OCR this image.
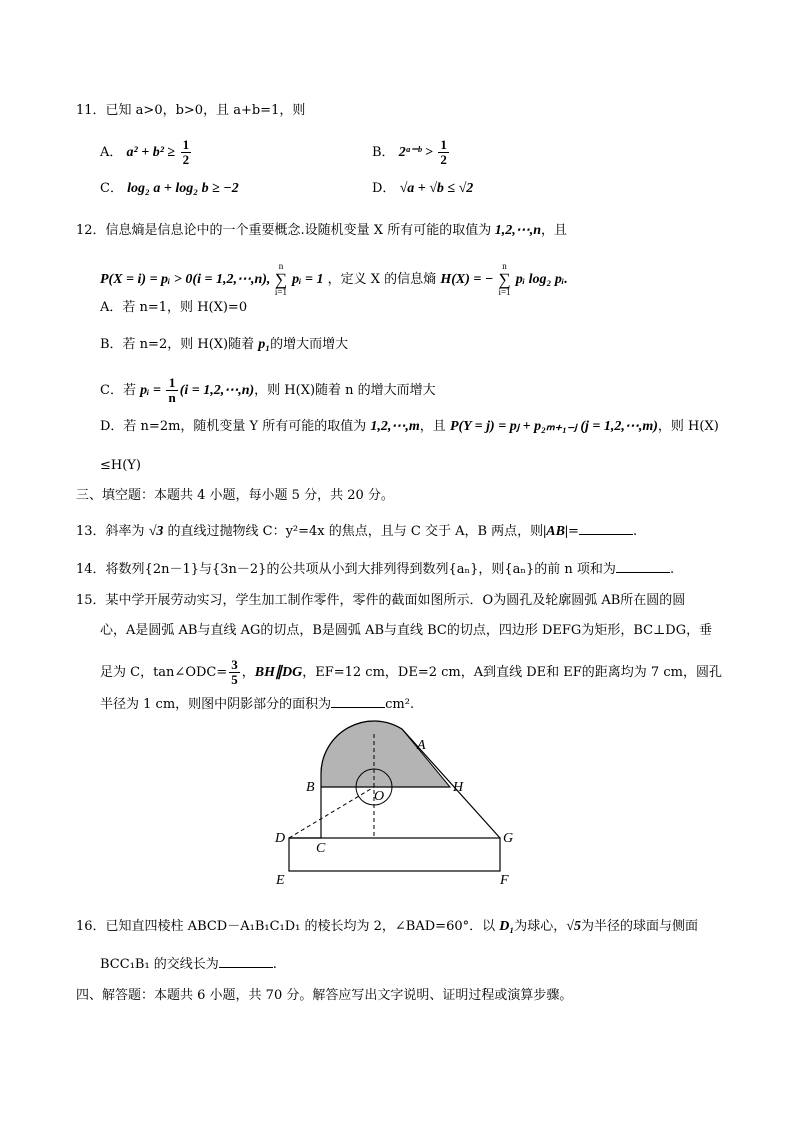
11．已知 a>0，b>0，且 a+b=1，则
A． $a^2 + b^2 \ge \frac{1}{2}$	B． 2ᵃ⁻ᵇ > $\frac{1}{2}$
C． log₂ a + log₂ b ≥ −2	D． √a + √b ≤ √2
12．信息熵是信息论中的一个重要概念.设随机变量 X 所有可能的取值为 1,2,⋯,n，且
P(X = i) = pᵢ > 0(i = 1,2,⋯,n), n
∑
i=1 pᵢ = 1 ，定义 X 的信息熵 H(X) = − n
∑
i=1 pᵢ log₂ pᵢ.
A．若 n=1，则 H(X)=0
B．若 n=2，则 H(X)随着 p₁的增大而增大
C．若 pᵢ = $\frac{1}{n} (i$ = 1,2,⋯,n)，则 H(X)随着 n 的增大而增大
D．若 n=2m，随机变量 Y 所有可能的取值为 1,2,⋯,m，且 P(Y = j) = pⱼ + p₂ₘ₊₁₋ⱼ (j = 1,2,⋯,m)，则 H(X)
≤H(Y)
三、填空题：本题共 4 小题，每小题 5 分，共 20 分。
13．斜率为 √3 的直线过抛物线 C：y²=4x 的焦点，且与 C 交于 A，B 两点，则|AB|=	.
14．将数列{2n－1}与{3n－2}的公共项从小到大排列得到数列{aₙ}，则{aₙ}的前 n 项和为	.
15．某中学开展劳动实习，学生加工制作零件，零件的截面如图所示．O为圆孔及轮廓圆弧 AB所在圆的圆
心，A是圆弧 AB与直线 AG的切点，B是圆弧 AB与直线 BC的切点，四边形 DEFG为矩形，BC⊥DG，垂
足为 C，tan∠ODC= $\frac{3}{5}$ ，BH∥DG，EF=12 cm，DE=2 cm，A到直线 DE和 EF的距离均为 7 cm，圆孔
半径为 1 cm，则图中阴影部分的面积为	cm².
A
B	H
O
D
C
G
E	F
16．已知直四棱柱 ABCD－A₁B₁C₁D₁ 的棱长均为 2，∠BAD=60°．以 D₁为球心，√5为半径的球面与侧面
BCC₁B₁ 的交线长为	.
四、解答题：本题共 6 小题，共 70 分。解答应写出文字说明、证明过程或演算步骤。
